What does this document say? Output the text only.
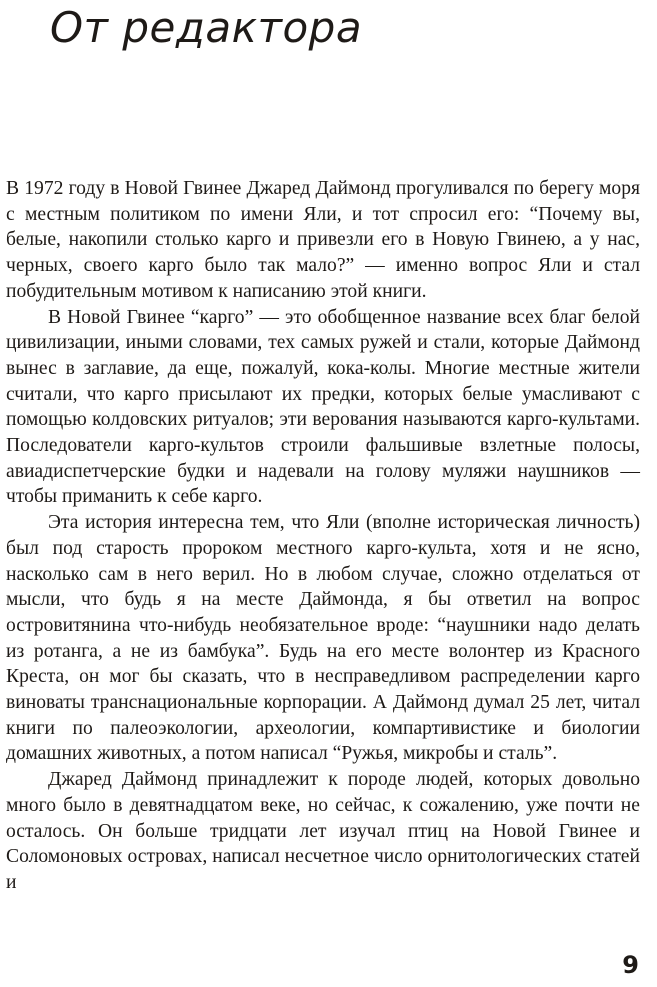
От редактора

В 1972 году в Новой Гвинее Джаред Даймонд прогуливался по берегу моря с местным политиком по имени Яли, и тот спросил его: “Почему вы, белые, накопили столько карго и привезли его в Новую Гвинею, а у нас, черных, своего карго было так мало?” — именно вопрос Яли и стал побудительным мотивом к написанию этой книги.

В Новой Гвинее “карго” — это обобщенное название всех благ белой цивилизации, иными словами, тех самых ружей и стали, которые Даймонд вынес в заглавие, да еще, пожалуй, кока-колы. Многие местные жители считали, что карго присылают их предки, которых белые умасливают с помощью колдовских ритуалов; эти верования называются карго-культами. Последователи карго-культов строили фальшивые взлетные полосы, авиадиспетчерские будки и надевали на голову муляжи наушников — чтобы приманить к себе карго.

Эта история интересна тем, что Яли (вполне историческая личность) был под старость пророком местного карго-культа, хотя и не ясно, насколько сам в него верил. Но в любом случае, сложно отделаться от мысли, что будь я на месте Даймонда, я бы ответил на вопрос островитянина что-нибудь необязательное вроде: “наушники надо делать из ротанга, а не из бамбука”. Будь на его месте волонтер из Красного Креста, он мог бы сказать, что в несправедливом распределении карго виноваты транснациональные корпорации. А Даймонд думал 25 лет, читал книги по палеоэкологии, археологии, компартивистике и биологии домашних животных, а потом написал “Ружья, микробы и сталь”.

Джаред Даймонд принадлежит к породе людей, которых довольно много было в девятнадцатом веке, но сейчас, к сожалению, уже почти не осталось. Он больше тридцати лет изучал птиц на Новой Гвинее и Соломоновых островах, написал несчетное число орнитологических статей и

9
